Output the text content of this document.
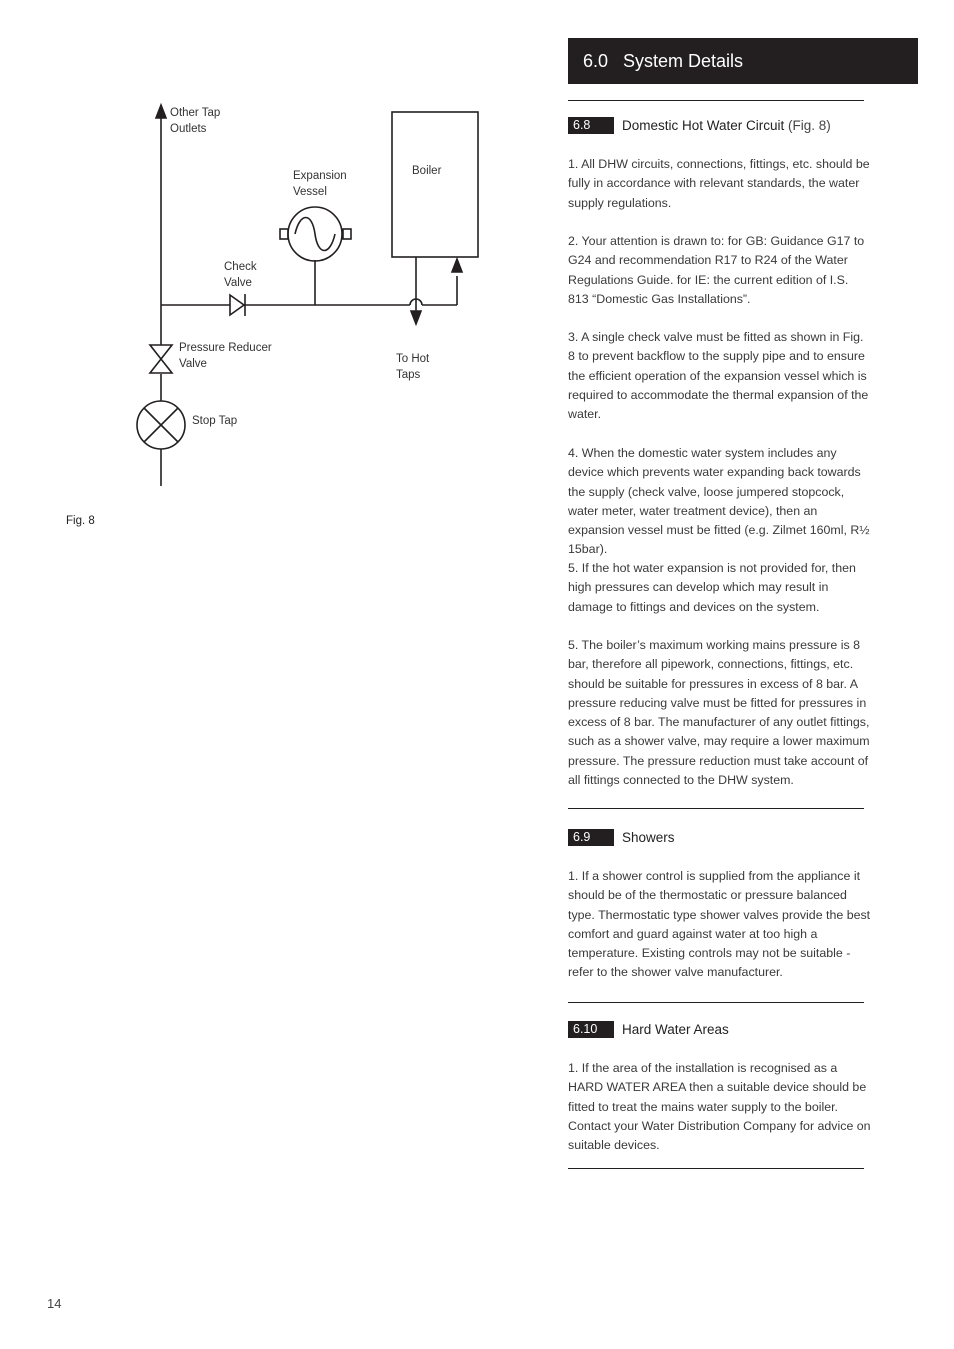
Other Tap
Outlets
Expansion
Vessel
Boiler
Check
Valve
Pressure Reducer
Valve	To Hot
Taps
Stop Tap
Fig. 8
6.0 System Details
6.8	Domestic Hot Water Circuit (Fig. 8)
1. All DHW circuits, connections, fittings, etc. should be fully in accordance with relevant standards, the water supply regulations.
2. Your attention is drawn to: for GB: Guidance G17 to G24 and recommendation R17 to R24 of the Water Regulations Guide. for IE: the current edition of I.S. 813 “Domestic Gas Installations”.
3. A single check valve must be fitted as shown in Fig. 8 to prevent backflow to the supply pipe and to ensure the efficient operation of the expansion vessel which is required to accommodate the thermal expansion of the water.
4. When the domestic water system includes any device which prevents water expanding back towards the supply (check valve, loose jumpered stopcock, water meter, water treatment device), then an expansion vessel must be fitted (e.g. Zilmet 160ml, R½ 15bar).
5. If the hot water expansion is not provided for, then high pressures can develop which may result in damage to fittings and devices on the system.
5. The boiler’s maximum working mains pressure is 8 bar, therefore all pipework, connections, fittings, etc. should be suitable for pressures in excess of 8 bar. A pressure reducing valve must be fitted for pressures in excess of 8 bar. The manufacturer of any outlet fittings, such as a shower valve, may require a lower maximum pressure. The pressure reduction must take account of all fittings connected to the DHW system.
6.9	Showers
1. If a shower control is supplied from the appliance it should be of the thermostatic or pressure balanced type. Thermostatic type shower valves provide the best comfort and guard against water at too high a temperature. Existing controls may not be suitable - refer to the shower valve manufacturer.
6.10	Hard Water Areas
1. If the area of the installation is recognised as a HARD WATER AREA then a suitable device should be fitted to treat the mains water supply to the boiler. Contact your Water Distribution Company for advice on suitable devices.
14
